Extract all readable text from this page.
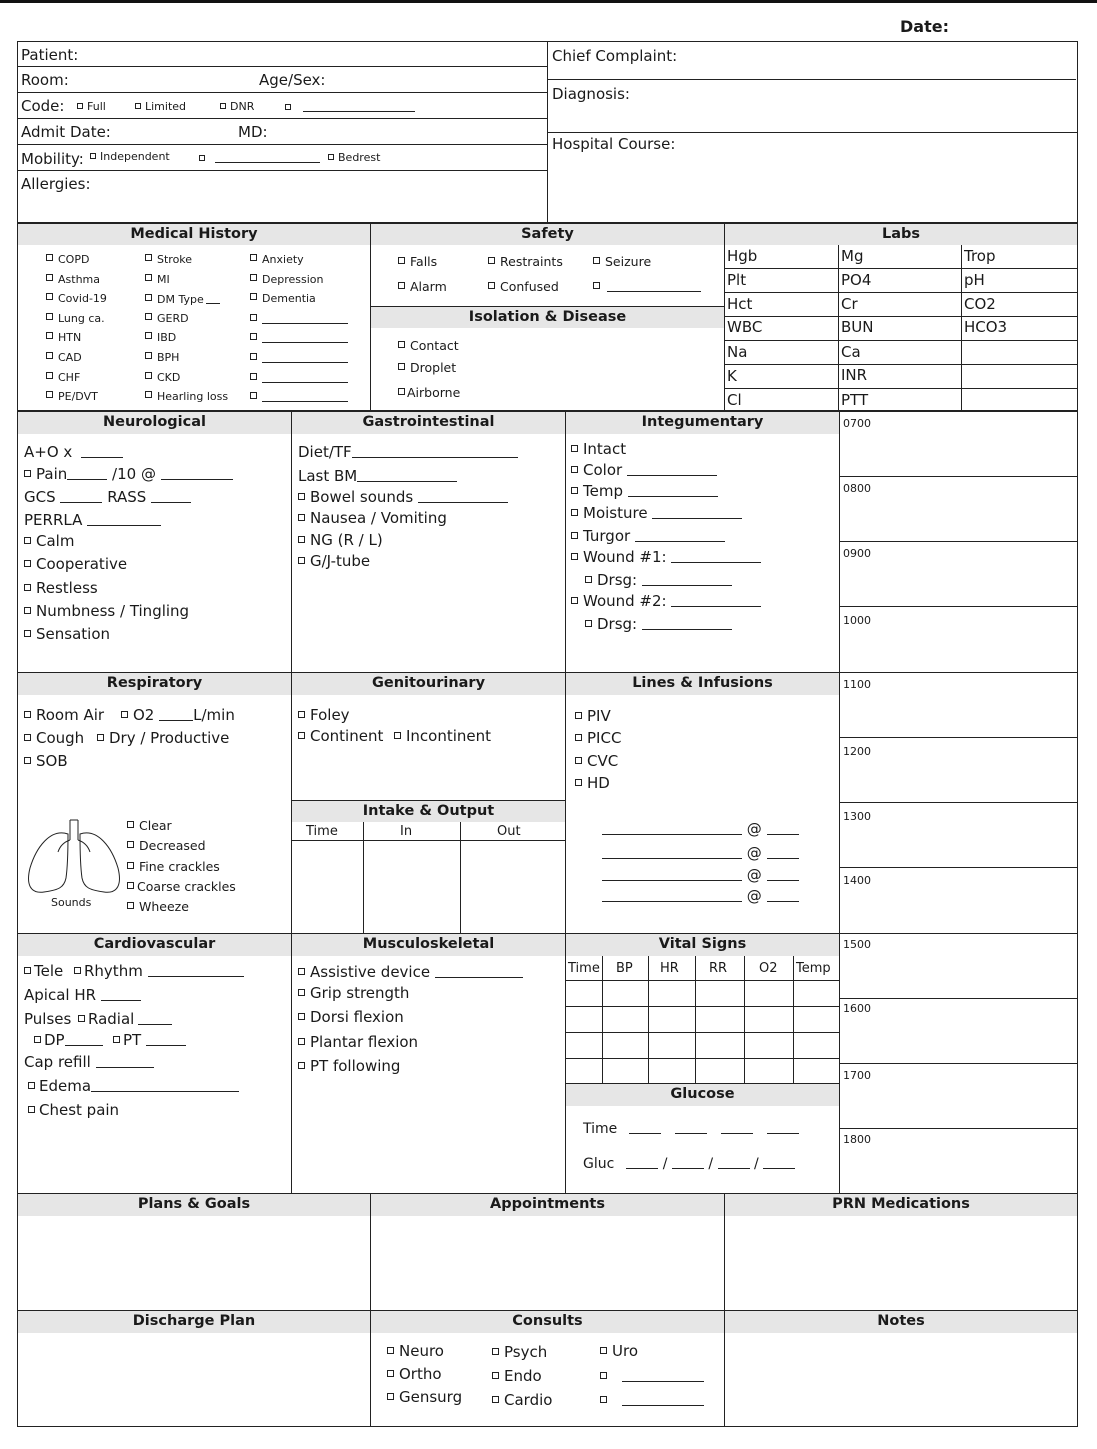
Date:
Patient:
Room:	Age/Sex:
Code:	Full	Limited	DNR
Admit Date:	MD:
Mobility:	Independent	Bedrest
Allergies:
Chief Complaint:
Diagnosis:
Hospital Course:
Medical History
COPD
Asthma
Covid-19
Lung ca.
HTN
CAD
CHF
PE/DVT
Stroke
MI
DM Type
GERD
IBD
BPH
CKD
Hearling loss
Anxiety
Depression
Dementia
Safety
Falls	Restraints	Seizure
Alarm	Confused
Isolation & Disease
Contact
Droplet
Airborne
Labs
Hgb	Mg	Trop
Plt	PO4	pH
Hct	Cr	CO2
WBC	BUN	HCO3
Na	Ca
K	INR
Cl	PTT
Neurological
A+O x
Pain	/10 @
GCS	RASS
PERRLA
Calm
Cooperative
Restless
Numbness / Tingling
Sensation
Gastrointestinal
Diet/TF
Last BM
Bowel sounds
Nausea / Vomiting
NG (R / L)
G/J-tube
Integumentary
Intact
Color
Temp
Moisture
Turgor
Wound #1:
Drsg:
Wound #2:
Drsg:
0700
0800
0900
1000
1100
1200
1300
1400
1500
1600
1700
1800
Respiratory
Room Air	O2	L/min
Cough	Dry / Productive
SOB
Sounds
Clear
Decreased
Fine crackles
Coarse crackles
Wheeze
Genitourinary
Foley
Continent	Incontinent
Intake & Output
Time	In	Out
Lines & Infusions
PIV
PICC
CVC
HD
@
@
@
@
Cardiovascular
Tele	Rhythm
Apical HR
Pulses	Radial
DP	PT
Cap refill
Edema
Chest pain
Musculoskeletal
Assistive device
Grip strength
Dorsi flexion
Plantar flexion
PT following
Vital Signs
Time BP HR RR O2 Temp
Glucose
Time
Gluc	/  /  /
Plans & Goals	Appointments	PRN Medications
Discharge Plan	Consults	Notes
Neuro	Psych	Uro
Ortho	Endo
Gensurg	Cardio
